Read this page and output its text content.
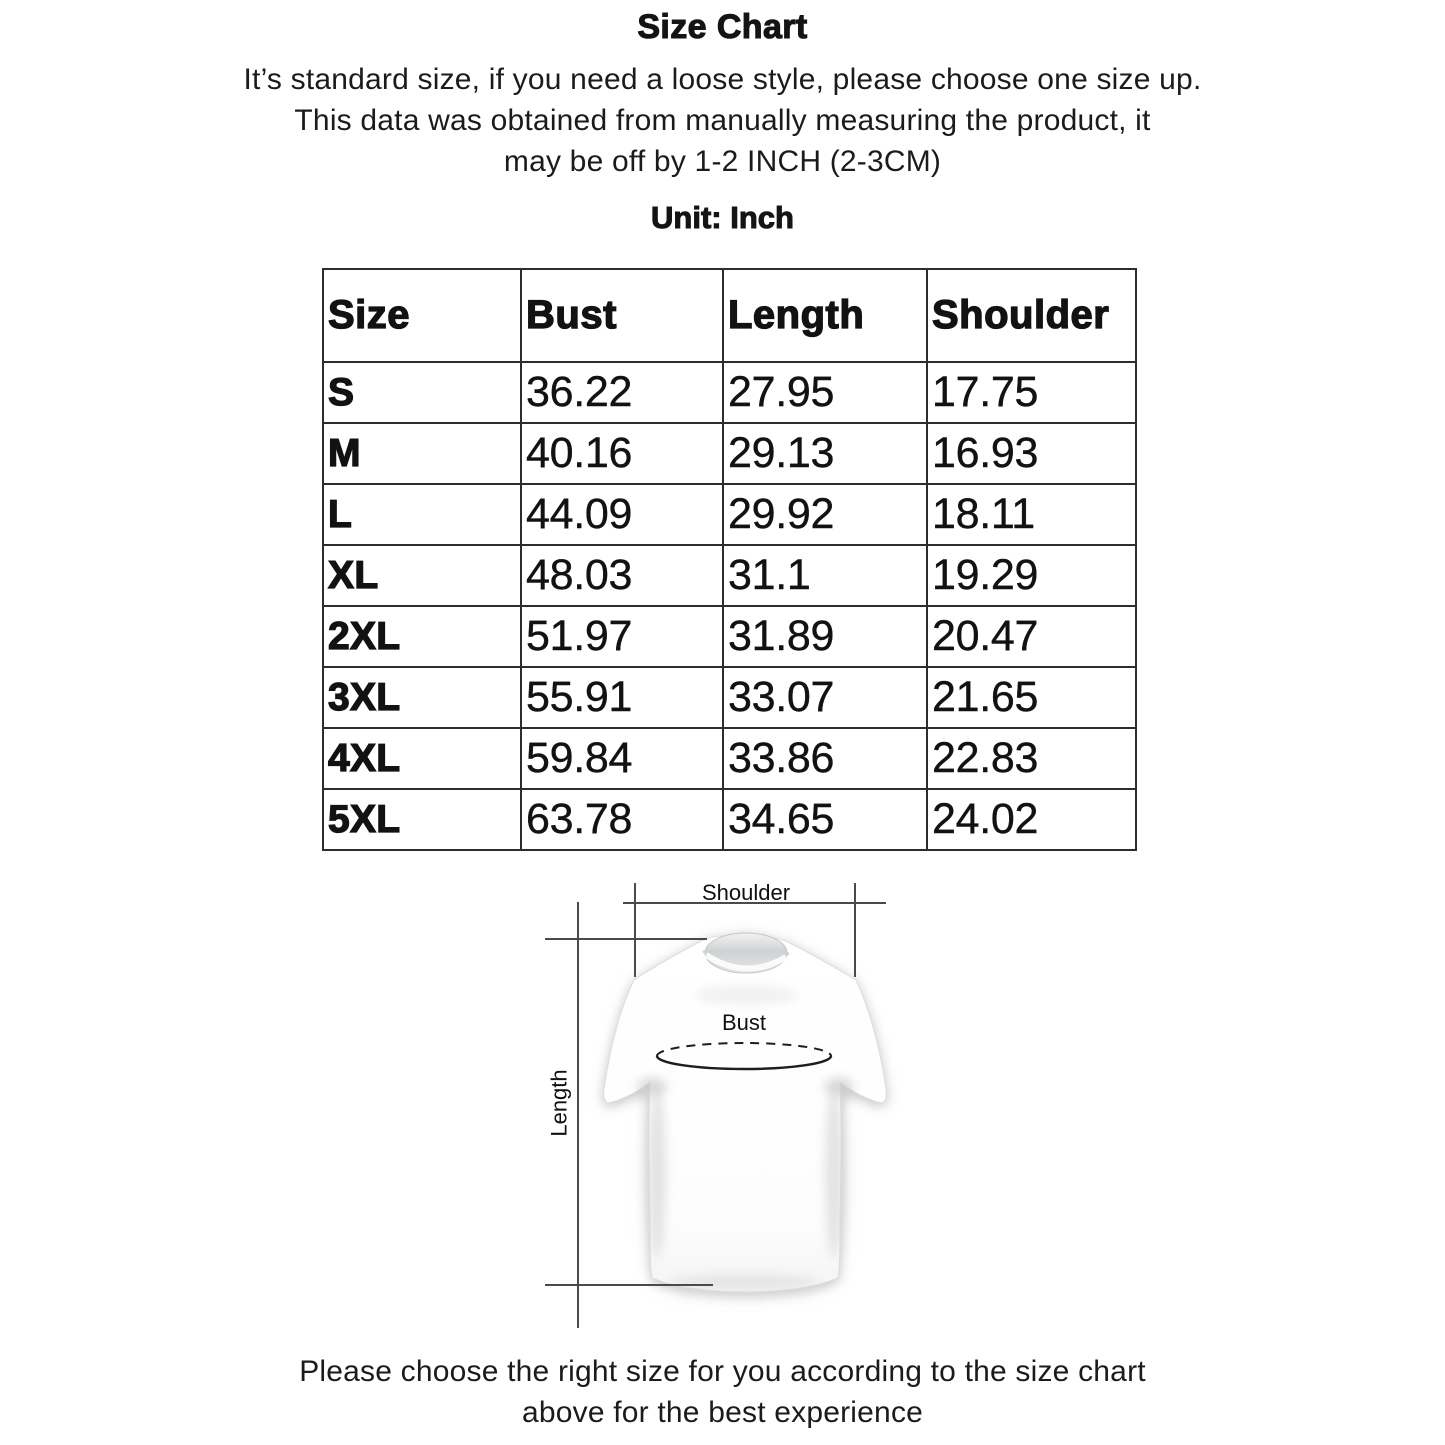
Size Chart
It’s standard size, if you need a loose style, please choose one size up.
This data was obtained from manually measuring the product, it
may be off by 1-2 INCH (2-3CM)
Unit: Inch
Size	Bust	Length	Shoulder
S	36.22	27.95	17.75
M	40.16	29.13	16.93
L	44.09	29.92	18.11
XL	48.03	31.1	19.29
2XL	51.97	31.89	20.47
3XL	55.91	33.07	21.65
4XL	59.84	33.86	22.83
5XL	63.78	34.65	24.02
Shoulder
Bust
Length
Please choose the right size for you according to the size chart
above for the best experience
